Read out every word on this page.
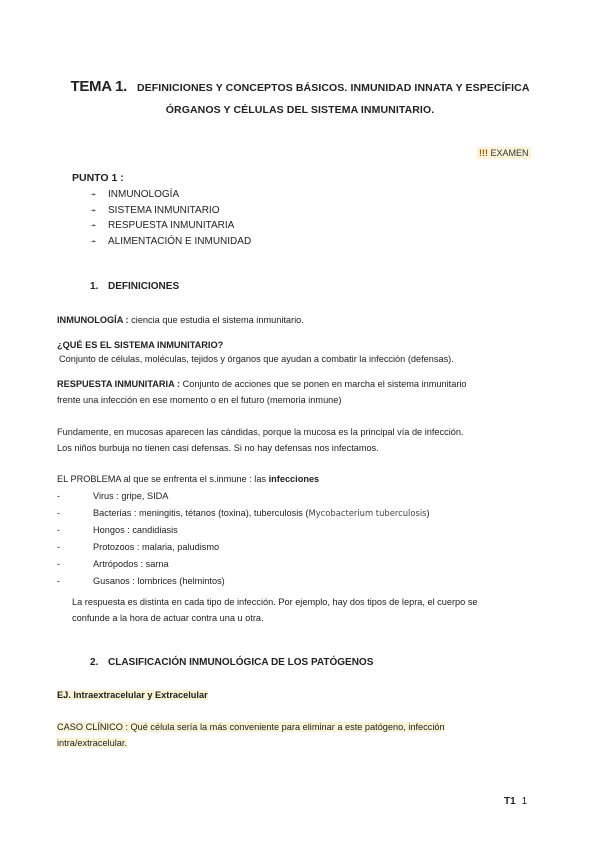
TEMA 1. DEFINICIONES Y CONCEPTOS BÁSICOS. INMUNIDAD INNATA Y ESPECÍFICA
ÓRGANOS Y CÉLULAS DEL SISTEMA INMUNITARIO.
!!! EXAMEN
PUNTO 1 :
➛ INMUNOLOGÍA
➛ SISTEMA INMUNITARIO
➛ RESPUESTA INMUNITARIA
➛ ALIMENTACIÓN E INMUNIDAD
1. DEFINICIONES
INMUNOLOGÍA : ciencia que estudia el sistema inmunitario.
¿QUÉ ES EL SISTEMA INMUNITARIO?
Conjunto de células, moléculas, tejidos y órganos que ayudan a combatir la infección (defensas).
RESPUESTA INMUNITARIA : Conjunto de acciones que se ponen en marcha el sistema inmunitario
frente una infección en ese momento o en el futuro (memoria inmune)
Fundamente, en mucosas aparecen las cándidas, porque la mucosa es la principal vía de infección.
Los niños burbuja no tienen casi defensas. Si no hay defensas nos infectamos.
EL PROBLEMA al que se enfrenta el s.inmune : las infecciones
-	Virus : gripe, SIDA
-	Bacterias : meningitis, tétanos (toxina), tuberculosis (Mycobacterium tuberculosis)
-	Hongos : candidiasis
-	Protozoos : malaria, paludismo
-	Artrópodos : sarna
-	Gusanos : lombrices (helmintos)
La respuesta es distinta en cada tipo de infección. Por ejemplo, hay dos tipos de lepra, el cuerpo se
confunde a la hora de actuar contra una u otra.
2. CLASIFICACIÓN INMUNOLÓGICA DE LOS PATÓGENOS
EJ. Intraextracelular y Extracelular
CASO CLÍNICO : Qué célula sería la más conveniente para eliminar a este patógeno, infección
intra/extracelular.
T1 1
